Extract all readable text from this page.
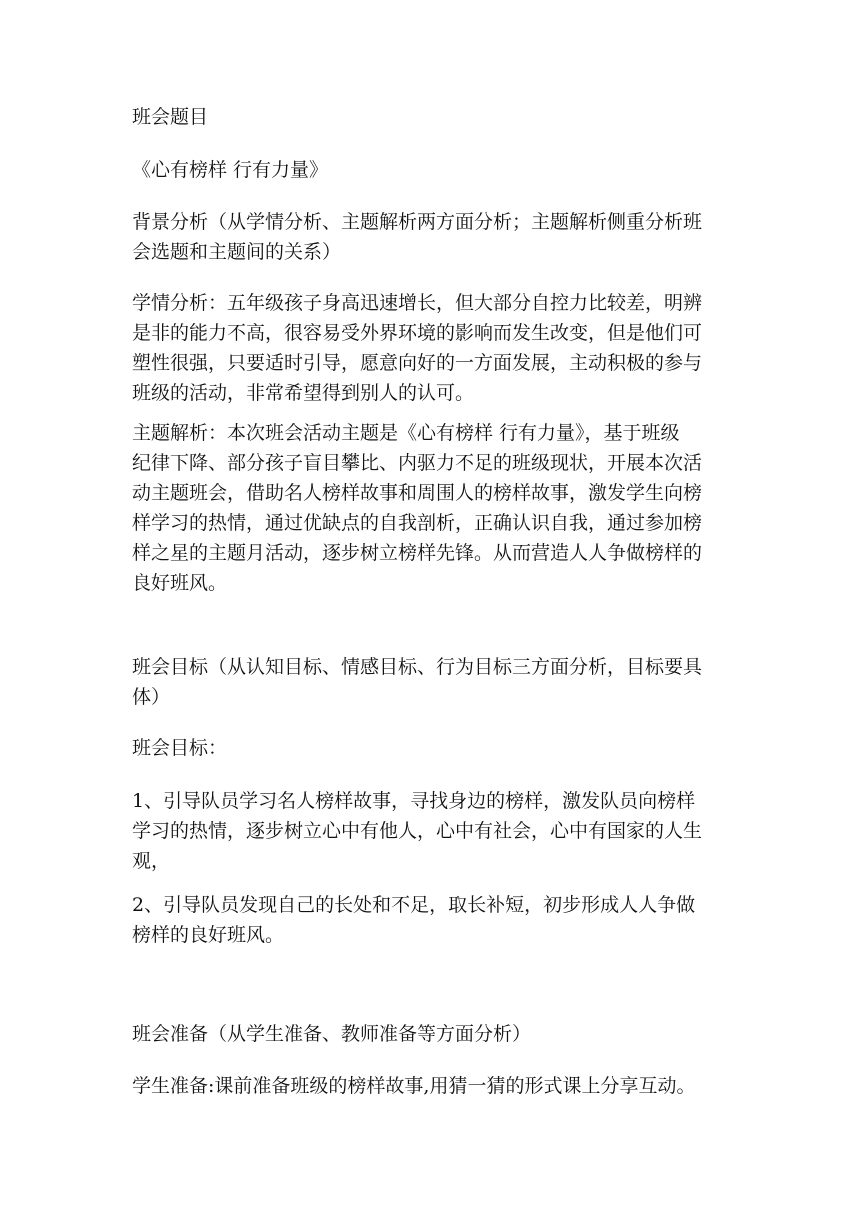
班会题目

《心有榜样 行有力量》

背景分析（从学情分析、主题解析两方面分析；主题解析侧重分析班
会选题和主题间的关系）

学情分析：五年级孩子身高迅速增长，但大部分自控力比较差，明辨
是非的能力不高，很容易受外界环境的影响而发生改变，但是他们可
塑性很强，只要适时引导，愿意向好的一方面发展，主动积极的参与
班级的活动，非常希望得到别人的认可。

主题解析：本次班会活动主题是《心有榜样 行有力量》，基于班级
纪律下降、部分孩子盲目攀比、内驱力不足的班级现状，开展本次活
动主题班会，借助名人榜样故事和周围人的榜样故事，激发学生向榜
样学习的热情，通过优缺点的自我剖析，正确认识自我，通过参加榜
样之星的主题月活动，逐步树立榜样先锋。从而营造人人争做榜样的
良好班风。

班会目标（从认知目标、情感目标、行为目标三方面分析，目标要具
体）

班会目标：

1、引导队员学习名人榜样故事，寻找身边的榜样，激发队员向榜样
学习的热情，逐步树立心中有他人，心中有社会，心中有国家的人生
观，

2、引导队员发现自己的长处和不足，取长补短，初步形成人人争做
榜样的良好班风。

班会准备（从学生准备、教师准备等方面分析）

学生准备:课前准备班级的榜样故事,用猜一猜的形式课上分享互动。
